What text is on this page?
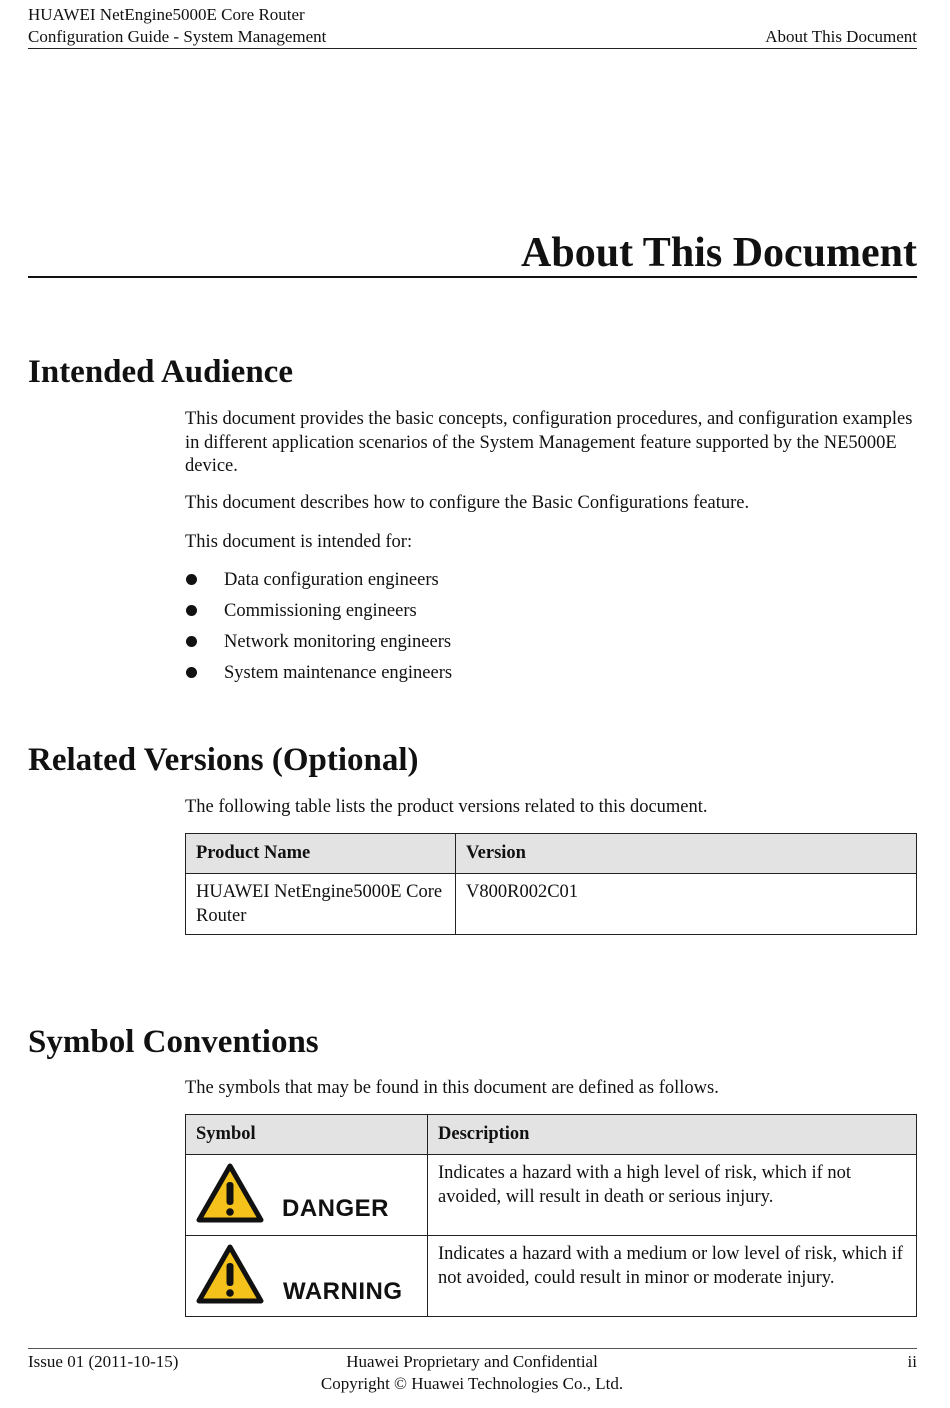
HUAWEI NetEngine5000E Core Router
Configuration Guide - System Management	About This Document
About This Document
Intended Audience
This document provides the basic concepts, configuration procedures, and configuration examples in different application scenarios of the System Management feature supported by the NE5000E device.
This document describes how to configure the Basic Configurations feature.
This document is intended for:
Data configuration engineers
Commissioning engineers
Network monitoring engineers
System maintenance engineers
Related Versions (Optional)
The following table lists the product versions related to this document.
Product Name	Version
HUAWEI NetEngine5000E Core Router	V800R002C01
Symbol Conventions
The symbols that may be found in this document are defined as follows.
Symbol	Description

DANGER	Indicates a hazard with a high level of risk, which if not avoided, will result in death or serious injury.

WARNING	Indicates a hazard with a medium or low level of risk, which if not avoided, could result in minor or moderate injury.
Issue 01 (2011-10-15)	Huawei Proprietary and Confidential
Copyright © Huawei Technologies Co., Ltd.
ii
